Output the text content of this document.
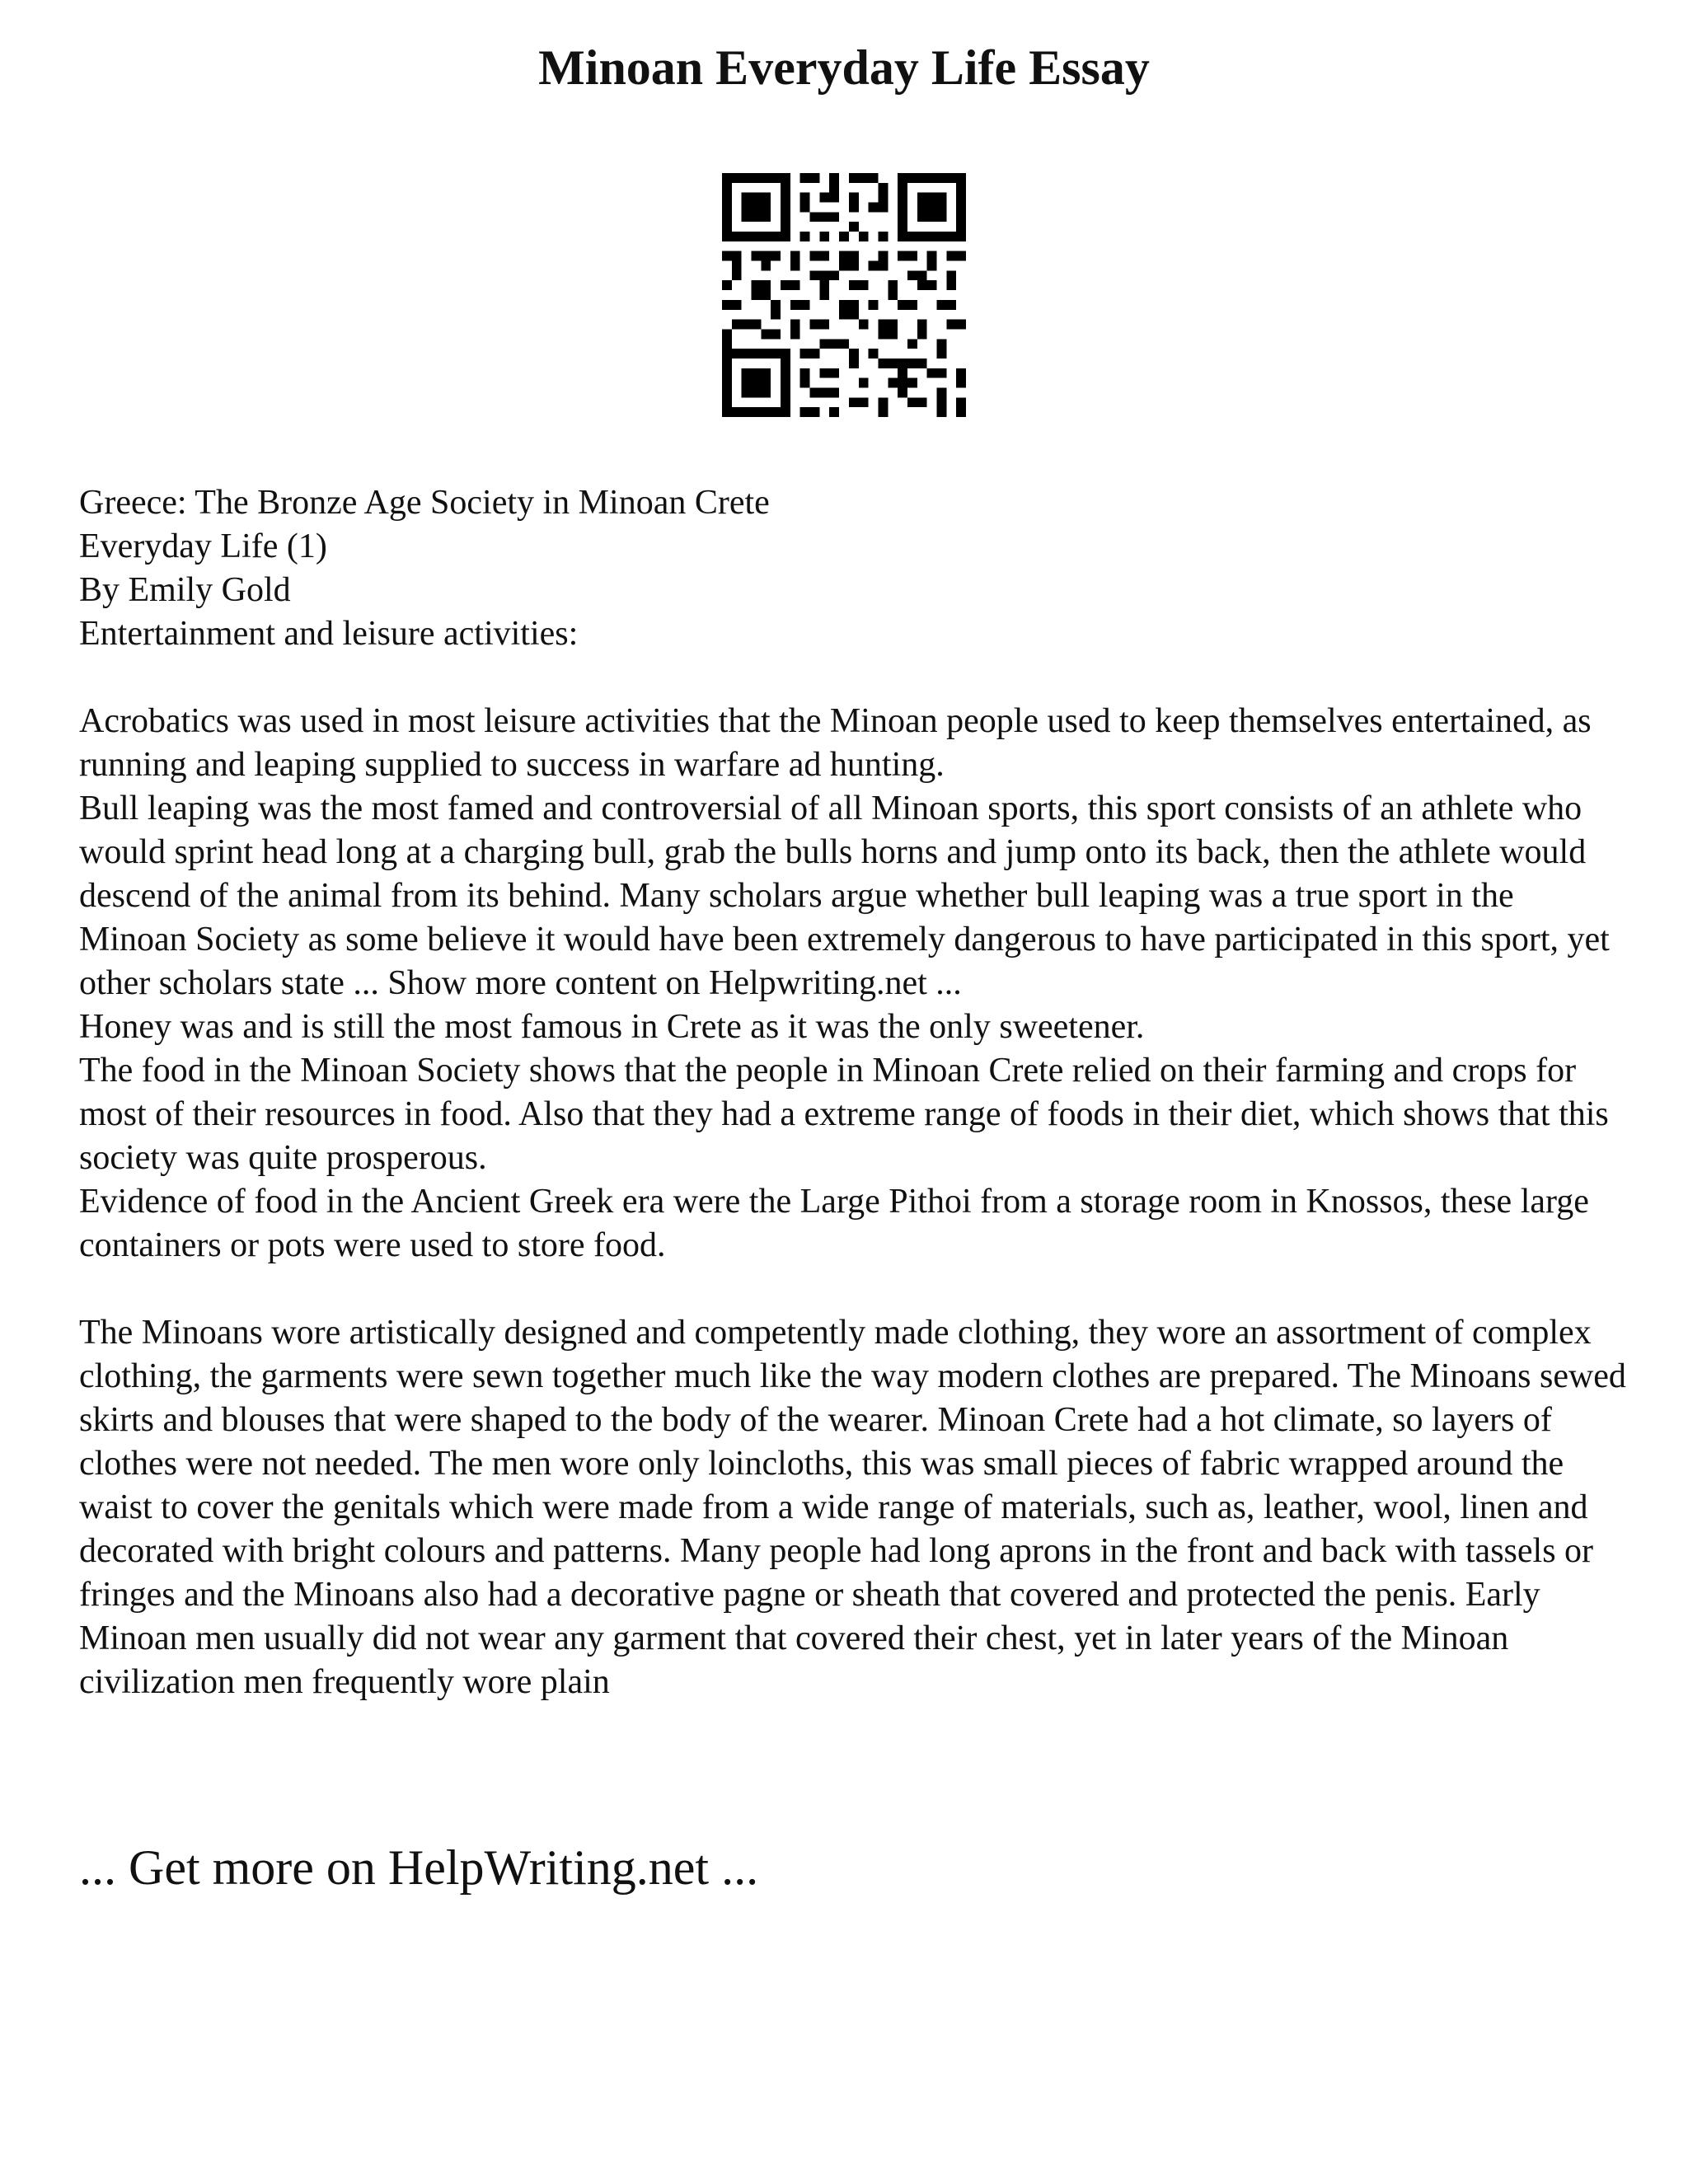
Minoan Everyday Life Essay

Greece: The Bronze Age Society in Minoan Crete

Everyday Life (1)

By Emily Gold

Entertainment and leisure activities:

Acrobatics was used in most leisure activities that the Minoan people used to keep themselves entertained, as running and leaping supplied to success in warfare ad hunting.

Bull leaping was the most famed and controversial of all Minoan sports, this sport consists of an athlete who would sprint head long at a charging bull, grab the bulls horns and jump onto its back, then the athlete would descend of the animal from its behind. Many scholars argue whether bull leaping was a true sport in the Minoan Society as some believe it would have been extremely dangerous to have participated in this sport, yet other scholars state ... Show more content on Helpwriting.net ...

Honey was and is still the most famous in Crete as it was the only sweetener.

The food in the Minoan Society shows that the people in Minoan Crete relied on their farming and crops for most of their resources in food. Also that they had a extreme range of foods in their diet, which shows that this society was quite prosperous.

Evidence of food in the Ancient Greek era were the Large Pithoi from a storage room in Knossos, these large containers or pots were used to store food.

The Minoans wore artistically designed and competently made clothing, they wore an assortment of complex clothing, the garments were sewn together much like the way modern clothes are prepared. The Minoans sewed skirts and blouses that were shaped to the body of the wearer. Minoan Crete had a hot climate, so layers of clothes were not needed. The men wore only loincloths, this was small pieces of fabric wrapped around the waist to cover the genitals which were made from a wide range of materials, such as, leather, wool, linen and decorated with bright colours and patterns. Many people had long aprons in the front and back with tassels or fringes and the Minoans also had a decorative pagne or sheath that covered and protected the penis. Early Minoan men usually did not wear any garment that covered their chest, yet in later years of the Minoan civilization men frequently wore plain

... Get more on HelpWriting.net ...
